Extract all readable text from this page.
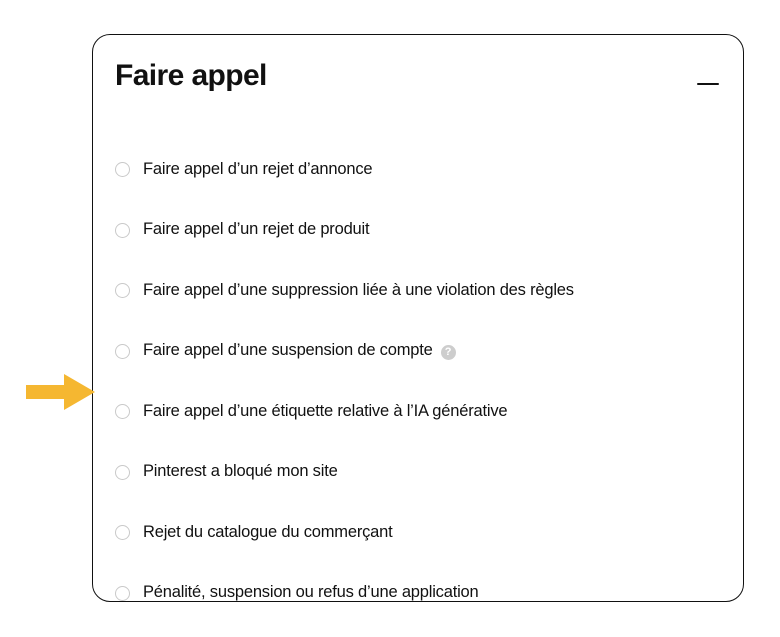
Faire appel
Faire appel d’un rejet d’annonce
Faire appel d’un rejet de produit
Faire appel d’une suppression liée à une violation des règles
Faire appel d’une suspension de compte	?
Faire appel d’une étiquette relative à l’IA générative
Pinterest a bloqué mon site
Rejet du catalogue du commerçant
Pénalité, suspension ou refus d’une application
